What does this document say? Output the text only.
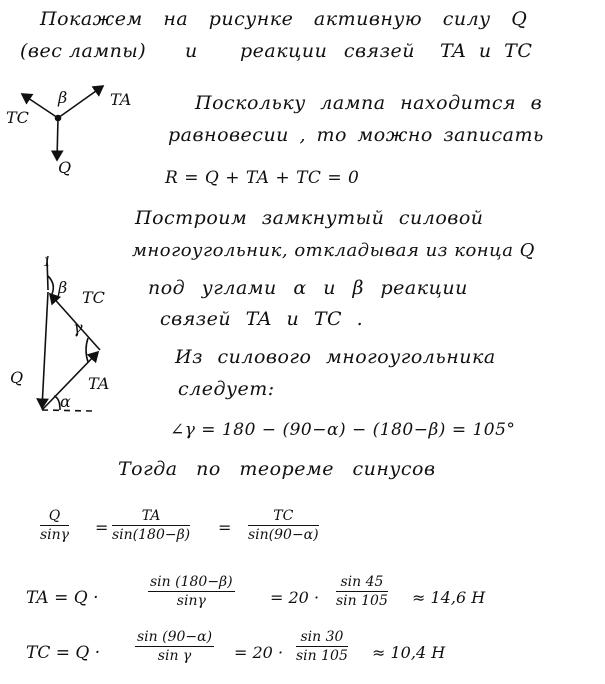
Покажем на рисунке активную силу Q
(вес лампы) и реакции связей TA и TC
Поскольку лампа находится в
равновесии , то можно записать
R = Q + TA + TC = 0
Построим замкнутый силовой
многоугольник, откладывая из конца Q
под углами α и β реакции
связей TA и TC .
Из силового многоугольника
следует:
∠γ = 180 − (90−α) − (180−β) = 105°
Тогда по теореме синусов
TC
TA
β
Q
1
β
TC
γ
Q	TA
α
Q
sinγ =
TA
sin(180−β) =
TC
sin(90−α)
TA = Q ·
sin (180−β)
sinγ	= 20 ·
sin 45
sin 105 ≈ 14,6 H
TC = Q ·
sin (90−α)
sin γ	= 20 ·
sin 30
sin 105 ≈ 10,4 H
